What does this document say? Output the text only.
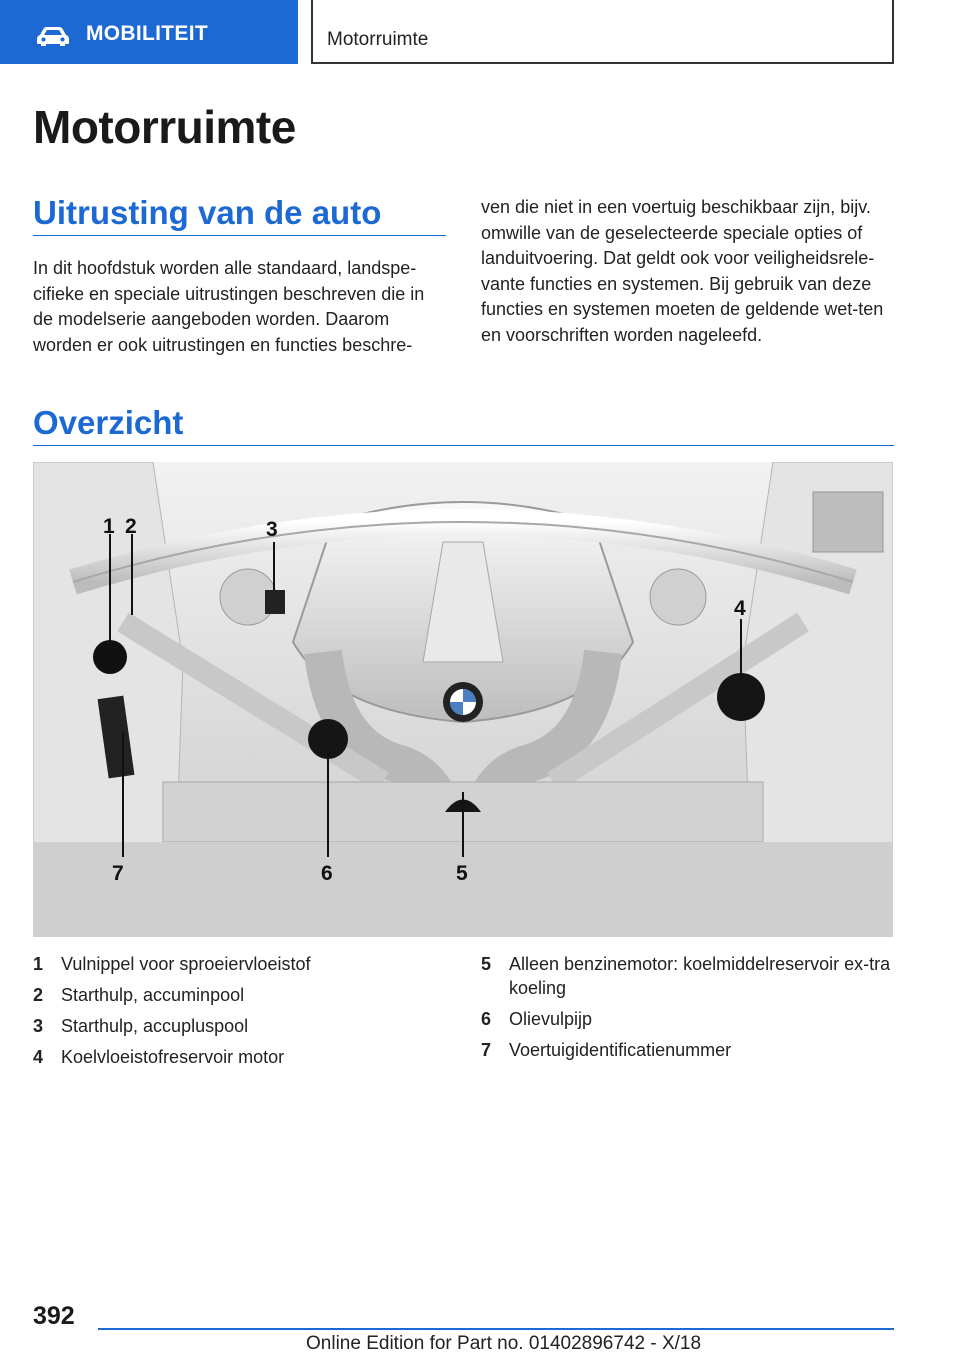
MOBILITEIT	Motorruimte
Motorruimte
Uitrusting van de auto

In dit hoofdstuk worden alle standaard, landspe-cifieke en speciale uitrustingen beschreven die in de modelserie aangeboden worden. Daarom worden er ook uitrustingen en functies beschre-

ven die niet in een voertuig beschikbaar zijn, bijv. omwille van de geselecteerde speciale opties of landuitvoering. Dat geldt ook voor veiligheidsrele-vante functies en systemen. Bij gebruik van deze functies en systemen moeten de geldende wet-ten en voorschriften worden nageleefd.

Overzicht
1 2	3
4
5
6
7
1 Vulnippel voor sproeiervloeistof
2 Starthulp, accuminpool
3 Starthulp, accupluspool
4 Koelvloeistofreservoir motor
5 Alleen benzinemotor: koelmiddelreservoir ex-tra koeling
6 Olievulpijp
7 Voertuigidentificatienummer
392
Online Edition for Part no. 01402896742 - X/18
